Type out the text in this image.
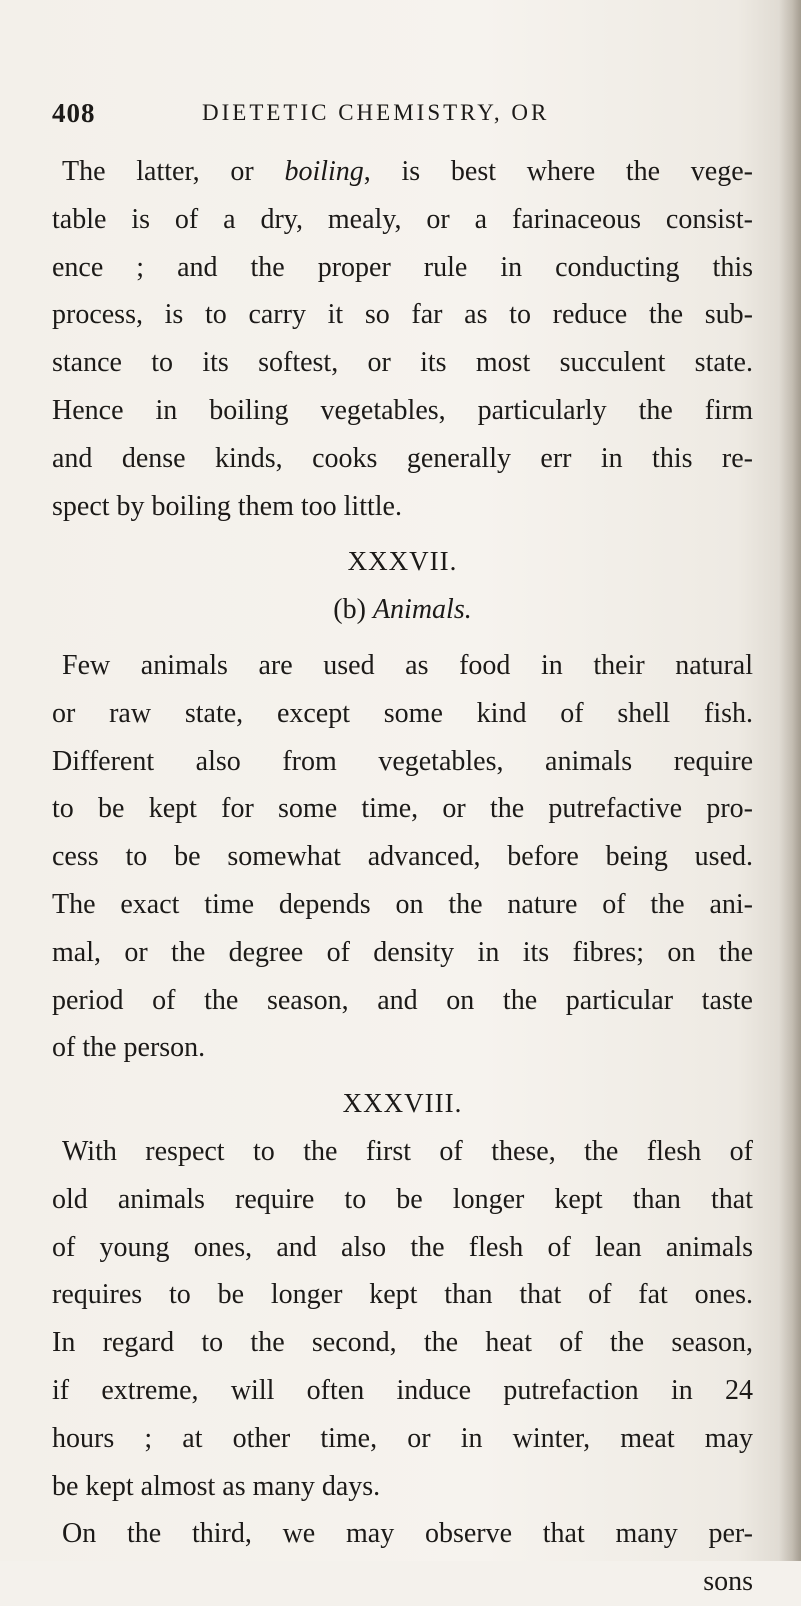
408	DIETETIC CHEMISTRY, OR
The latter, or boiling, is best where the vege-
table is of a dry, mealy, or a farinaceous consist-
ence ; and the proper rule in conducting this
process, is to carry it so far as to reduce the sub-
stance to its softest, or its most succulent state.
Hence in boiling vegetables, particularly the firm
and dense kinds, cooks generally err in this re-
spect by boiling them too little.
XXXVII.
(b) Animals.
Few animals are used as food in their natural
or raw state, except some kind of shell fish.
Different also from vegetables, animals require
to be kept for some time, or the putrefactive pro-
cess to be somewhat advanced, before being used.
The exact time depends on the nature of the ani-
mal, or the degree of density in its fibres; on the
period of the season, and on the particular taste
of the person.
XXXVIII.
With respect to the first of these, the flesh of
old animals require to be longer kept than that
of young ones, and also the flesh of lean animals
requires to be longer kept than that of fat ones.
In regard to the second, the heat of the season,
if extreme, will often induce putrefaction in 24
hours ; at other time, or in winter, meat may
be kept almost as many days.
On the third, we may observe that many per-
sons
